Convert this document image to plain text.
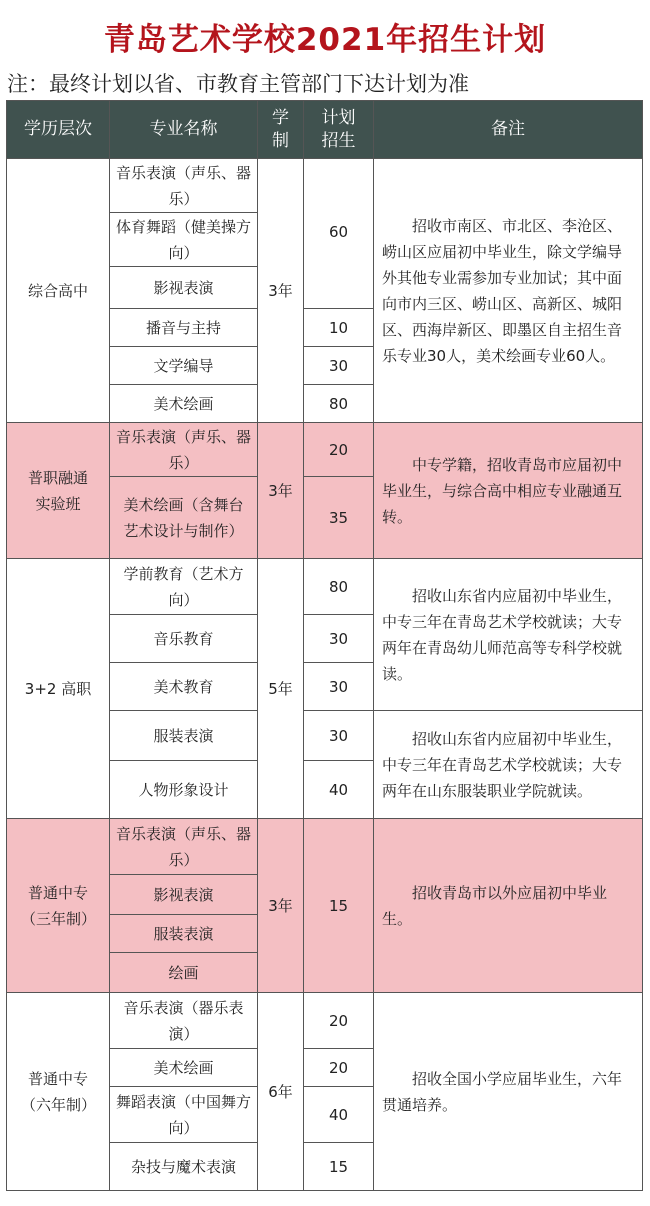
青岛艺术学校2021年招生计划
注：最终计划以省、市教育主管部门下达计划为准
学历层次	专业名称	学制	计划招生	备注
综合高中	音乐表演（声乐、器乐）	3年	60	招收市南区、市北区、李沧区、崂山区应届初中毕业生，除文学编导外其他专业需参加专业加试；其中面向市内三区、崂山区、高新区、城阳区、西海岸新区、即墨区自主招生音乐专业30人，美术绘画专业60人。
	体育舞蹈（健美操方向）			
	影视表演			
	播音与主持		10	
	文学编导		30	
	美术绘画		80	
普职融通实验班	音乐表演（声乐、器乐）	3年	20	中专学籍，招收青岛市应届初中毕业生，与综合高中相应专业融通互转。
	美术绘画（含舞台艺术设计与制作）		35	
3+2 高职	学前教育（艺术方向）	5年	80	招收山东省内应届初中毕业生，中专三年在青岛艺术学校就读；大专两年在青岛幼儿师范高等专科学校就读。
	音乐教育		30	
	美术教育		30	
	服装表演		30	招收山东省内应届初中毕业生，中专三年在青岛艺术学校就读；大专两年在山东服装职业学院就读。
	人物形象设计		40	
普通中专（三年制）	音乐表演（声乐、器乐）	3年	15	招收青岛市以外应届初中毕业生。
	影视表演			
	服装表演			
	绘画			
普通中专（六年制）	音乐表演（器乐表演）	6年	20	招收全国小学应届毕业生，六年贯通培养。
	美术绘画		20	
	舞蹈表演（中国舞方向）		40	
	杂技与魔术表演		15	
